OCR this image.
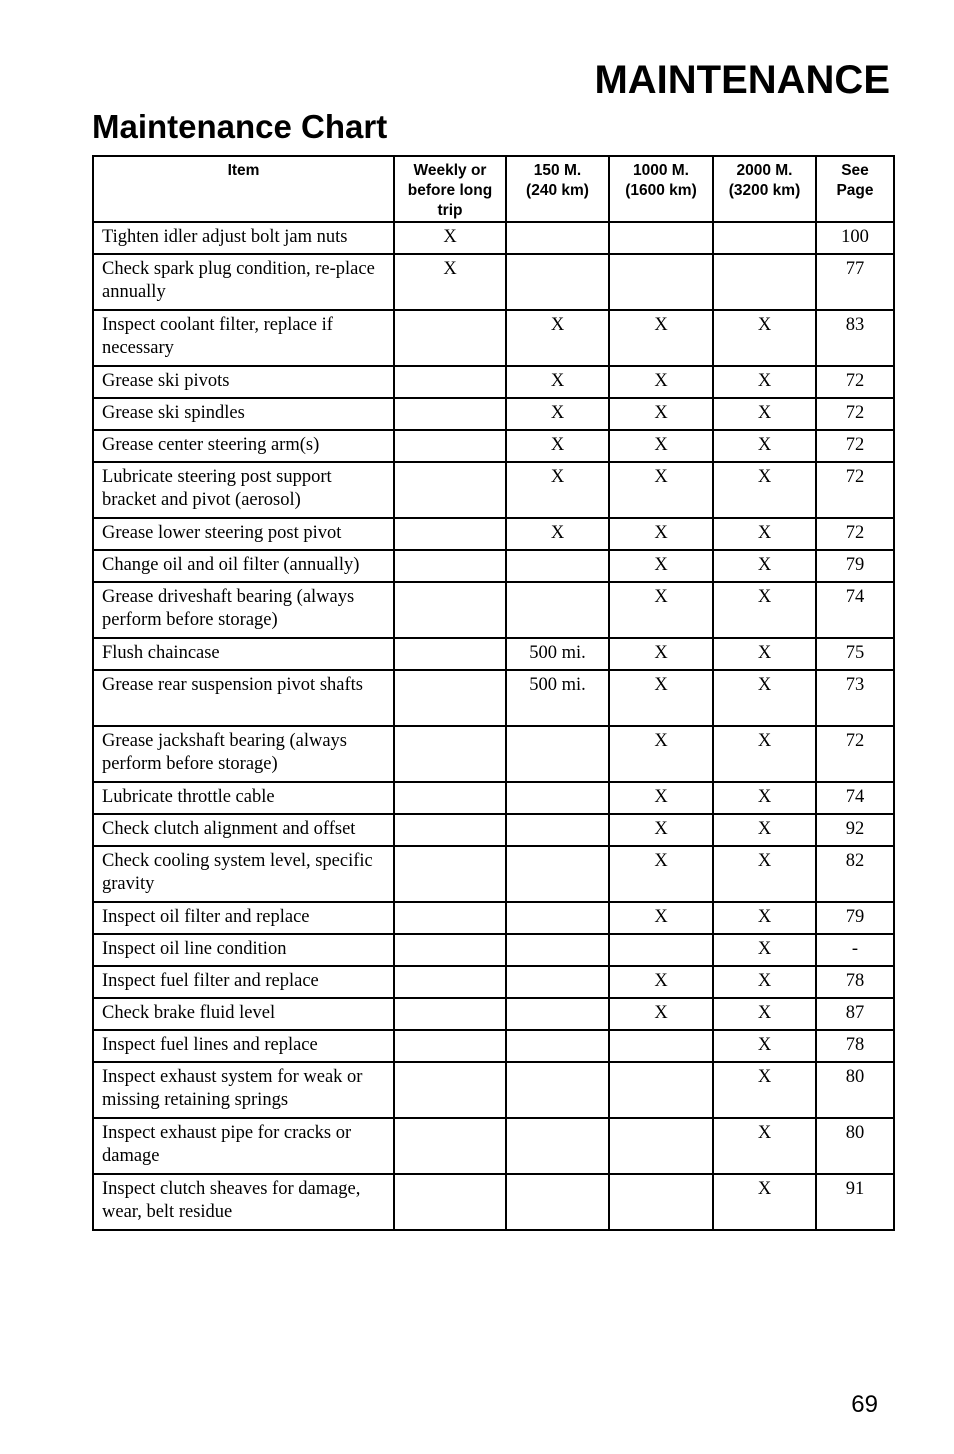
MAINTENANCE
Maintenance Chart
Item	Weekly or before long trip	150 M. (240 km)	1000 M. (1600 km)	2000 M. (3200 km)	See Page
Tighten idler adjust bolt jam nuts	X				100
Check spark plug condition, re-place annually	X				77
Inspect coolant filter, replace if necessary		X	X	X	83
Grease ski pivots		X	X	X	72
Grease ski spindles		X	X	X	72
Grease center steering arm(s)		X	X	X	72
Lubricate steering post support bracket and pivot (aerosol)		X	X	X	72
Grease lower steering post pivot		X	X	X	72
Change oil and oil filter (annually)			X	X	79
Grease driveshaft bearing (always perform before storage)			X	X	74
Flush chaincase		500 mi.	X	X	75
Grease rear suspension pivot shafts		500 mi.	X	X	73
Grease jackshaft bearing (always perform before storage)			X	X	72
Lubricate throttle cable			X	X	74
Check clutch alignment and offset			X	X	92
Check cooling system level, specific gravity			X	X	82
Inspect oil filter and replace			X	X	79
Inspect oil line condition				X	-
Inspect fuel filter and replace			X	X	78
Check brake fluid level			X	X	87
Inspect fuel lines and replace				X	78
Inspect exhaust system for weak or missing retaining springs				X	80
Inspect exhaust pipe for cracks or damage				X	80
Inspect clutch sheaves for damage, wear, belt residue				X	91

69
